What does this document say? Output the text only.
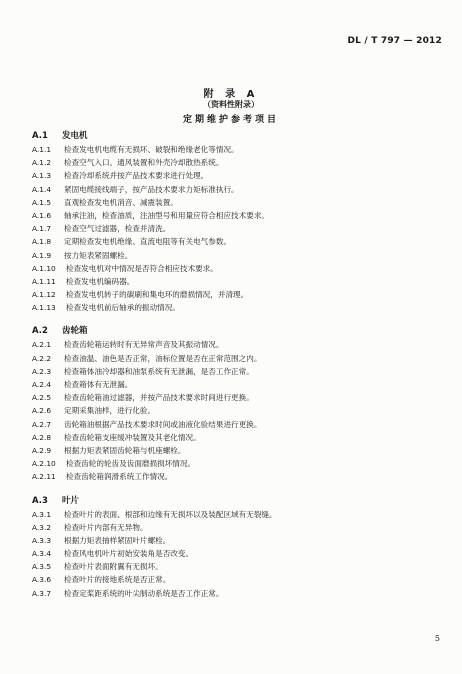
DL / T 797 — 2012
附 录 A
（资料性附录）
定期维护参考项目
A.1 发电机
A.1.1 检查发电机电缆有无损坏、破裂和绝缘老化等情况。
A.1.2 检查空气入口、通风装置和外壳冷却散热系统。
A.1.3 检查冷却系统并按产品技术要求进行处理。
A.1.4 紧固电缆接线端子，按产品技术要求力矩标准执行。
A.1.5 直观检查发电机消音、减震装置。
A.1.6 轴承注油，检查油质，注油型号和用量应符合相应技术要求。
A.1.7 检查空气过滤器，检查并清洗。
A.1.8 定期检查发电机绝缘、直流电阻等有关电气参数。
A.1.9 按力矩表紧固螺栓。
A.1.10 检查发电机对中情况是否符合相应技术要求。
A.1.11 检查发电机编码器。
A.1.12 检查发电机转子的碳刷和集电环的磨损情况，并清理。
A.1.13 检查发电机前后轴承的振动情况。
A.2 齿轮箱
A.2.1 检查齿轮箱运转时有无异常声音及其振动情况。
A.2.2 检查油温、油色是否正常，油标位置是否在正常范围之内。
A.2.3 检查箱体油冷却器和油泵系统有无泄漏，是否工作正常。
A.2.4 检查箱体有无泄漏。
A.2.5 检查齿轮箱油过滤器，并按产品技术要求时间进行更换。
A.2.6 定期采集油样，进行化验。
A.2.7 齿轮箱油根据产品技术要求时间或油液化验结果进行更换。
A.2.8 检查齿轮箱支座缓冲装置及其老化情况。
A.2.9 根据力矩表紧固齿轮箱与机座螺栓。
A.2.10 检查齿轮的轮齿及齿面磨损损坏情况。
A.2.11 检查齿轮箱润滑系统工作情况。
A.3 叶片
A.3.1 检查叶片的表面、根部和边缘有无损坏以及装配区域有无裂缝。
A.3.2 检查叶片内部有无异物。
A.3.3 根据力矩表抽样紧固叶片螺栓。
A.3.4 检查风电机叶片初始安装角是否改变。
A.3.5 检查叶片表面附翼有无损坏。
A.3.6 检查叶片的接地系统是否正常。
A.3.7 检查定桨距系统的叶尖制动系统是否工作正常。
5
